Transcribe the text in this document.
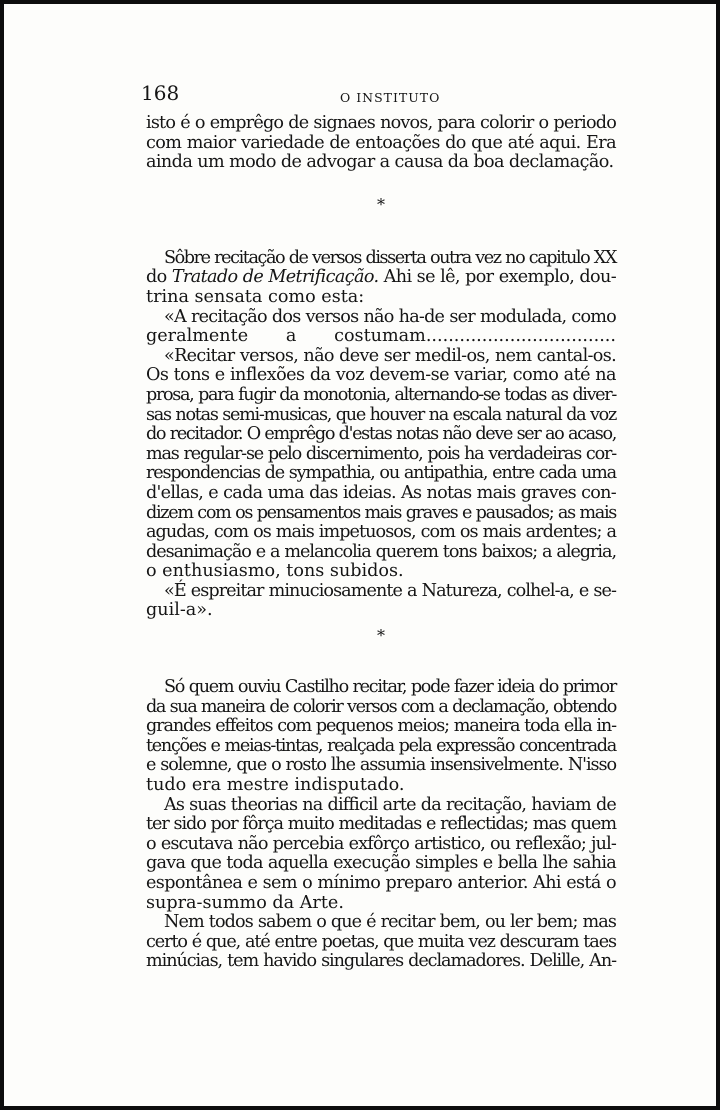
168	O INSTITUTO
isto é o emprêgo de signaes novos, para colorir o periodo
com maior variedade de entoações do que até aqui. Era
ainda um modo de advogar a causa da boa declamação.
*
Sôbre recitação de versos disserta outra vez no capitulo XX
do Tratado de Metrificação. Ahi se lê, por exemplo, dou-
trina sensata como esta:
«A recitação dos versos não ha-de ser modulada, como
geralmente a costumam..................................
«Recitar versos, não deve ser medil-os, nem cantal-os.
Os tons e inflexões da voz devem-se variar, como até na
prosa, para fugir da monotonia, alternando-se todas as diver-
sas notas semi-musicas, que houver na escala natural da voz
do recitador. O emprêgo d'estas notas não deve ser ao acaso,
mas regular-se pelo discernimento, pois ha verdadeiras cor-
respondencias de sympathia, ou antipathia, entre cada uma
d'ellas, e cada uma das ideias. As notas mais graves con-
dizem com os pensamentos mais graves e pausados; as mais
agudas, com os mais impetuosos, com os mais ardentes; a
desanimação e a melancolia querem tons baixos; a alegria,
o enthusiasmo, tons subidos.
«É espreitar minuciosamente a Natureza, colhel-a, e se-
guil-a».
*
Só quem ouviu Castilho recitar, pode fazer ideia do primor
da sua maneira de colorir versos com a declamação, obtendo
grandes effeitos com pequenos meios; maneira toda ella in-
tenções e meias-tintas, realçada pela expressão concentrada
e solemne, que o rosto lhe assumia insensivelmente. N'isso
tudo era mestre indisputado.
As suas theorias na difficil arte da recitação, haviam de
ter sido por fôrça muito meditadas e reflectidas; mas quem
o escutava não percebia exfôrço artistico, ou reflexão; jul-
gava que toda aquella execução simples e bella lhe sahia
espontânea e sem o mínimo preparo anterior. Ahi está o
supra-summo da Arte.
Nem todos sabem o que é recitar bem, ou ler bem; mas
certo é que, até entre poetas, que muita vez descuram taes
minúcias, tem havido singulares declamadores. Delille, An-
